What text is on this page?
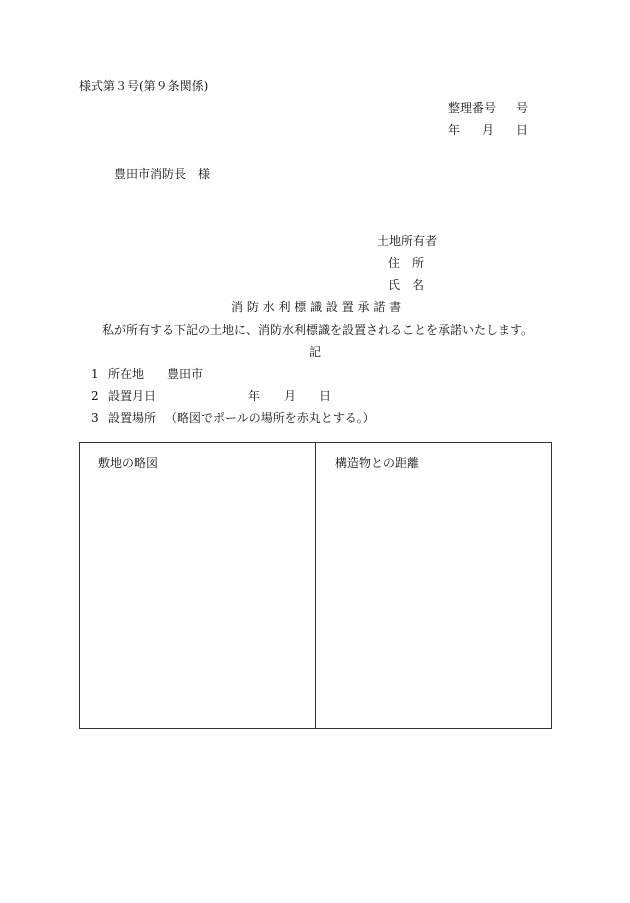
様式第３号(第９条関係)
整理番号 号
年 月 日
豊田市消防長　様
土地所有者
住　所
氏　名
消 防 水 利 標 識 設 置 承 諾 書
私が所有する下記の土地に、消防水利標識を設置されることを承諾いたします。
記
1 所在地 豊田市
2 設置月日	年 月 日
3 設置場所 （略図でポールの場所を赤丸とする。）
敷地の略図	構造物との距離
